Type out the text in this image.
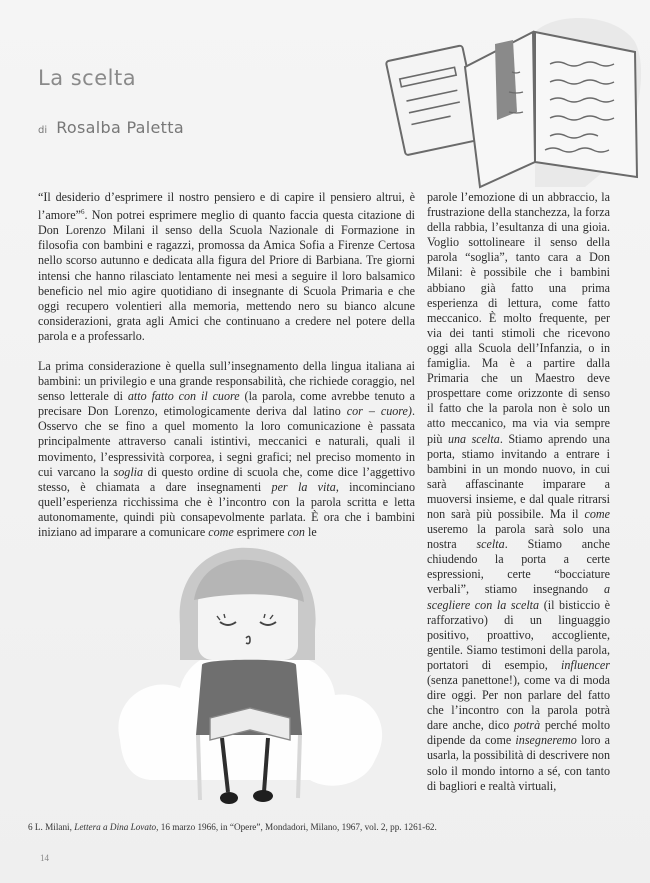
La scelta
di Rosalba Paletta

“Il desiderio d’esprimere il nostro pensiero e di capire il pensiero altrui, è l’amore”$^6$. Non potrei esprimere meglio di quanto faccia questa citazione di Don Lorenzo Milani il senso della Scuola Nazionale di Formazione in filosofia con bambini e ragazzi, promossa da Amica Sofia a Firenze Certosa nello scorso autunno e dedicata alla figura del Priore di Barbiana. Tre giorni intensi che hanno rilasciato lentamente nei mesi a seguire il loro balsamico beneficio nel mio agire quotidiano di insegnante di Scuola Primaria e che oggi recupero volentieri alla memoria, mettendo nero su bianco alcune considerazioni, grata agli Amici che continuano a credere nel potere della parola e a professarlo.

La prima considerazione è quella sull’insegnamento della lingua italiana ai bambini: un privilegio e una grande responsabilità, che richiede coraggio, nel senso letterale di atto fatto con il cuore (la parola, come avrebbe tenuto a precisare Don Lorenzo, etimologicamente deriva dal latino cor – cuore). Osservo che se fino a quel momento la loro comunicazione è passata principalmente attraverso canali istintivi, meccanici e naturali, quali il movimento, l’espressività corporea, i segni grafici; nel preciso momento in cui varcano la soglia di questo ordine di scuola che, come dice l’aggettivo stesso, è chiamata a dare insegnamenti per la vita, incominciano quell’esperienza ricchissima che è l’incontro con la parola scritta e letta autonomamente, quindi più consapevolmente parlata. È ora che i bambini iniziano ad imparare a comunicare come esprimere con le

parole l’emozione di un abbraccio, la frustrazione della stanchezza, la forza della rabbia, l’esultanza di una gioia. Voglio sottolineare il senso della parola “soglia”, tanto cara a Don Milani: è possibile che i bambini abbiano già fatto una prima esperienza di lettura, come fatto meccanico. È molto frequente, per via dei tanti stimoli che ricevono oggi alla Scuola dell’Infanzia, o in famiglia. Ma è a partire dalla Primaria che un Maestro deve prospettare come orizzonte di senso il fatto che la parola non è solo un atto meccanico, ma via via sempre più una scelta. Stiamo aprendo una porta, stiamo invitando a entrare i bambini in un mondo nuovo, in cui sarà affascinante imparare a muoversi insieme, e dal quale ritrarsi non sarà più possibile. Ma il come useremo la parola sarà solo una nostra scelta. Stiamo anche chiudendo la porta a certe espressioni, certe “bocciature verbali”, stiamo insegnando a scegliere con la scelta (il bisticcio è rafforzativo) di un linguaggio positivo, proattivo, accogliente, gentile. Siamo testimoni della parola, portatori di esempio, influencer (senza panettone!), come va di moda dire oggi. Per non parlare del fatto che l’incontro con la parola potrà dare anche, dico potrà perché molto dipende da come insegneremo loro a usarla, la possibilità di descrivere non solo il mondo intorno a sé, con tanto di bagliori e realtà virtuali,

6 L. Milani, Lettera a Dina Lovato, 16 marzo 1966, in “Opere”, Mondadori, Milano, 1967, vol. 2, pp. 1261-62.
14
